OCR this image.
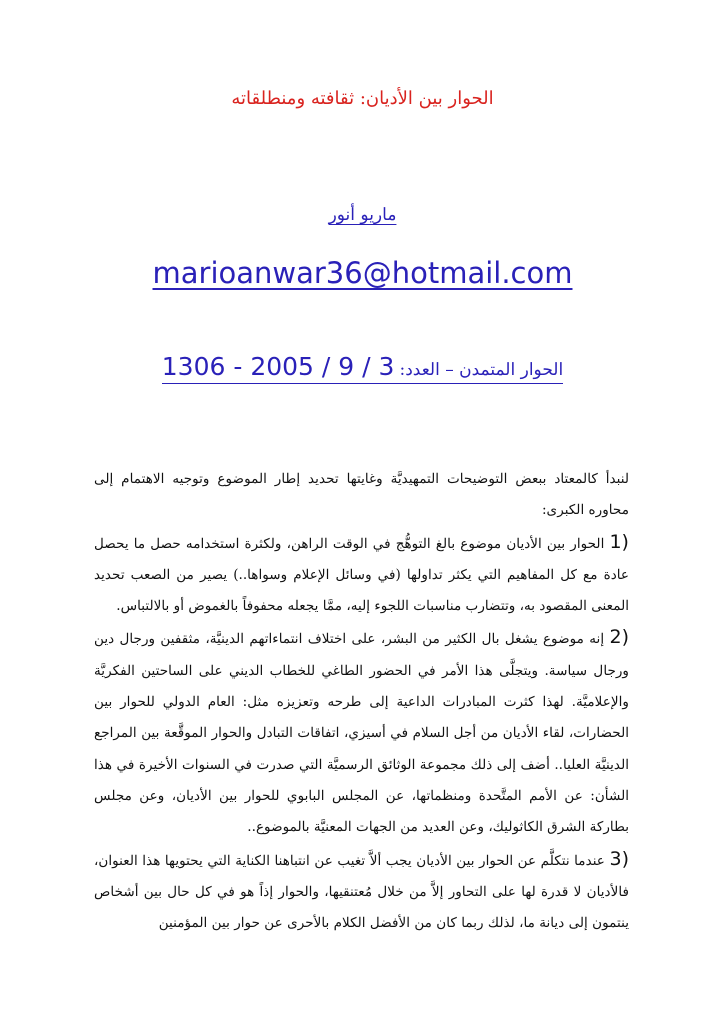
الحوار بين الأديان: ثقافته ومنطلقاته
ماريو أنور
marioanwar36@hotmail.com
الحوار المتمدن – العدد: 1306 - 2005 / 9 / 3

لنبدأ كالمعتاد ببعض التوضيحات التمهيديَّة وغايتها تحديد إطار الموضوع وتوجيه الاهتمام إلى محاوره الكبرى:

1) الحوار بين الأديان موضوع بالغ التوهُّج في الوقت الراهن، ولكثرة استخدامه حصل ما يحصل عادة مع كل المفاهيم التي يكثر تداولها (في وسائل الإعلام وسواها..) يصير من الصعب تحديد المعنى المقصود به، وتتضارب مناسبات اللجوء إليه، ممَّا يجعله محفوفاً بالغموض أو بالالتباس.

2) إنه موضوع يشغل بال الكثير من البشر، على اختلاف انتماءاتهم الدينيَّة، مثقفين ورجال دين ورجال سياسة. ويتجلَّى هذا الأمر في الحضور الطاغي للخطاب الديني على الساحتين الفكريَّة والإعلاميَّة. لهذا كثرت المبادرات الداعية إلى طرحه وتعزيزه مثل: العام الدولي للحوار بين الحضارات، لقاء الأديان من أجل السلام في أسيزي، اتفاقات التبادل والحوار الموقَّعة بين المراجع الدينيَّة العليا.. أضف إلى ذلك مجموعة الوثائق الرسميَّة التي صدرت في السنوات الأخيرة في هذا الشأن: عن الأمم المتَّحدة ومنظماتها، عن المجلس البابوي للحوار بين الأديان، وعن مجلس بطاركة الشرق الكاثوليك، وعن العديد من الجهات المعنيَّة بالموضوع..

3) عندما نتكلَّم عن الحوار بين الأديان يجب ألاَّ تغيب عن انتباهنا الكناية التي يحتويها هذا العنوان، فالأديان لا قدرة لها على التحاور إلاَّ من خلال مُعتنقيها، والحوار إذاً هو في كل حال بين أشخاص ينتمون إلى ديانة ما، لذلك ربما كان من الأفضل الكلام بالأحرى عن حوار بين المؤمنين
